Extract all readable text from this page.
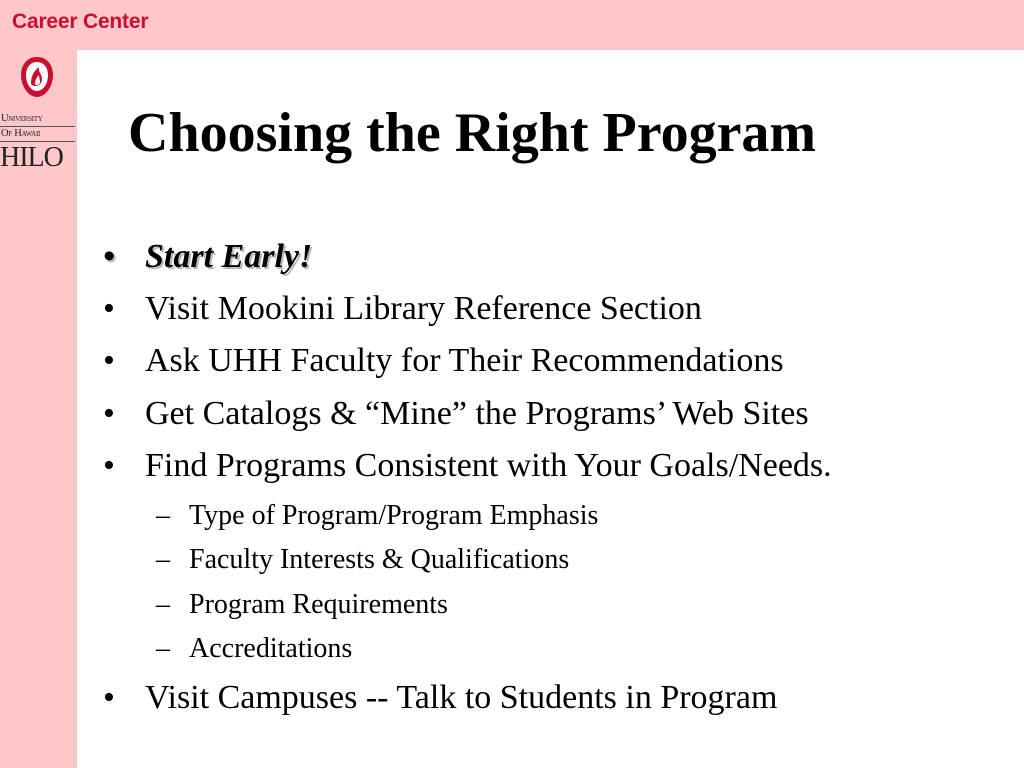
Career Center
University
Of Hawaii
HILO Choosing the Right Program
• Start Early!
• Visit Mookini Library Reference Section
• Ask UHH Faculty for Their Recommendations
• Get Catalogs & “Mine” the Programs’ Web Sites
• Find Programs Consistent with Your Goals/Needs.
– Type of Program/Program Emphasis
– Faculty Interests & Qualifications
– Program Requirements
– Accreditations
• Visit Campuses -- Talk to Students in Program
